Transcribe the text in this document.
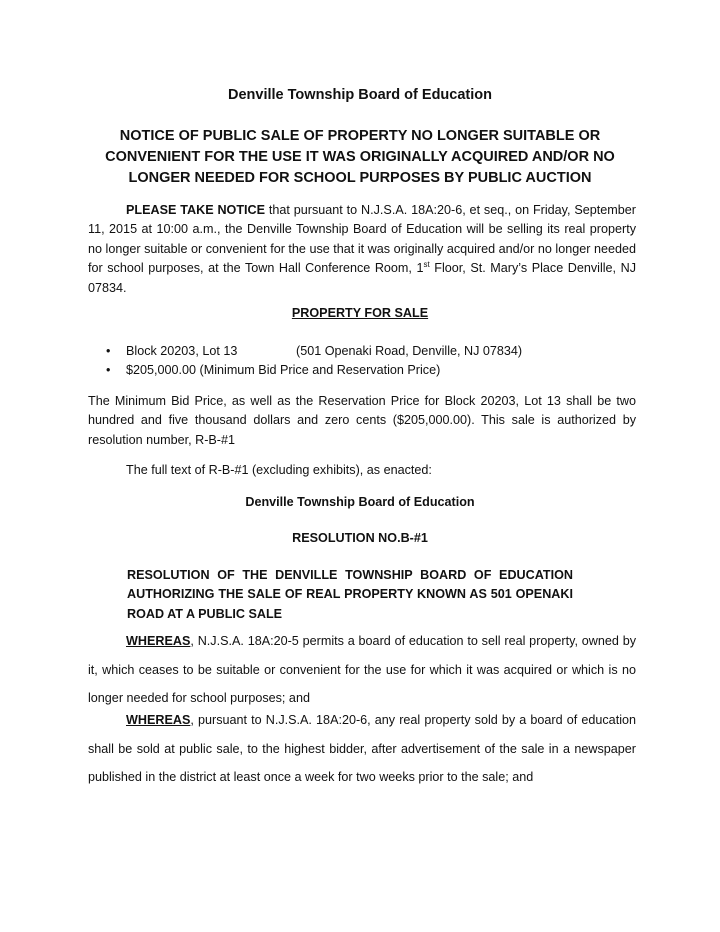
Denville Township Board of Education
NOTICE OF PUBLIC SALE OF PROPERTY NO LONGER SUITABLE OR CONVENIENT FOR THE USE IT WAS ORIGINALLY ACQUIRED AND/OR NO LONGER NEEDED FOR SCHOOL PURPOSES BY PUBLIC AUCTION
PLEASE TAKE NOTICE that pursuant to N.J.S.A. 18A:20-6, et seq., on Friday, September 11, 2015 at 10:00 a.m., the Denville Township Board of Education will be selling its real property no longer suitable or convenient for the use that it was originally acquired and/or no longer needed for school purposes, at the Town Hall Conference Room, 1st Floor, St. Mary’s Place Denville, NJ 07834.
PROPERTY FOR SALE
• Block 20203, Lot 13	(501 Openaki Road, Denville, NJ 07834)
• $205,000.00 (Minimum Bid Price and Reservation Price)
The Minimum Bid Price, as well as the Reservation Price for Block 20203, Lot 13 shall be two hundred and five thousand dollars and zero cents ($205,000.00). This sale is authorized by resolution number, R-B-#1
The full text of R-B-#1 (excluding exhibits), as enacted:
Denville Township Board of Education
RESOLUTION NO.B-#1
RESOLUTION OF THE DENVILLE TOWNSHIP BOARD OF EDUCATION AUTHORIZING THE SALE OF REAL PROPERTY KNOWN AS 501 OPENAKI ROAD AT A PUBLIC SALE
WHEREAS, N.J.S.A. 18A:20-5 permits a board of education to sell real property, owned by it, which ceases to be suitable or convenient for the use for which it was acquired or which is no longer needed for school purposes; and
WHEREAS, pursuant to N.J.S.A. 18A:20-6, any real property sold by a board of education shall be sold at public sale, to the highest bidder, after advertisement of the sale in a newspaper published in the district at least once a week for two weeks prior to the sale; and
